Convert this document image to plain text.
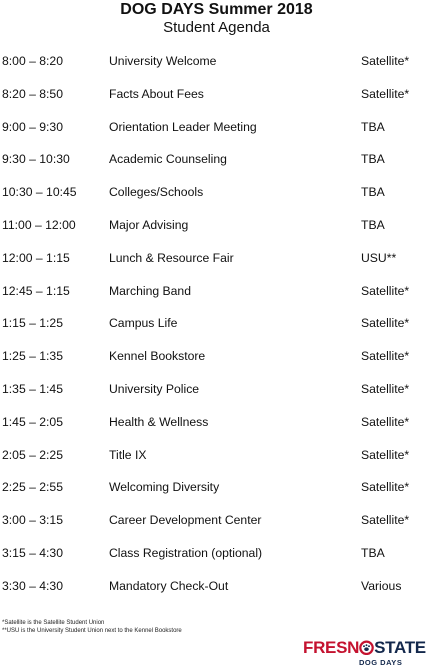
DOG DAYS Summer 2018
Student Agenda
8:00 – 8:20	University Welcome	Satellite*
8:20 – 8:50	Facts About Fees	Satellite*
9:00 – 9:30	Orientation Leader Meeting	TBA
9:30 – 10:30	Academic Counseling	TBA
10:30 – 10:45	Colleges/Schools	TBA
11:00 – 12:00	Major Advising	TBA
12:00 – 1:15	Lunch & Resource Fair	USU**
12:45 – 1:15	Marching Band	Satellite*
1:15 – 1:25	Campus Life	Satellite*
1:25 – 1:35	Kennel Bookstore	Satellite*
1:35 – 1:45	University Police	Satellite*
1:45 – 2:05	Health & Wellness	Satellite*
2:05 – 2:25	Title IX	Satellite*
2:25 – 2:55	Welcoming Diversity	Satellite*
3:00 – 3:15	Career Development Center	Satellite*
3:15 – 4:30	Class Registration (optional)	TBA
3:30 – 4:30	Mandatory Check-Out	Various
*Satellite is the Satellite Student Union
**USU is the University Student Union next to the Kennel Bookstore
FRESN STATE
DOG DAYS
